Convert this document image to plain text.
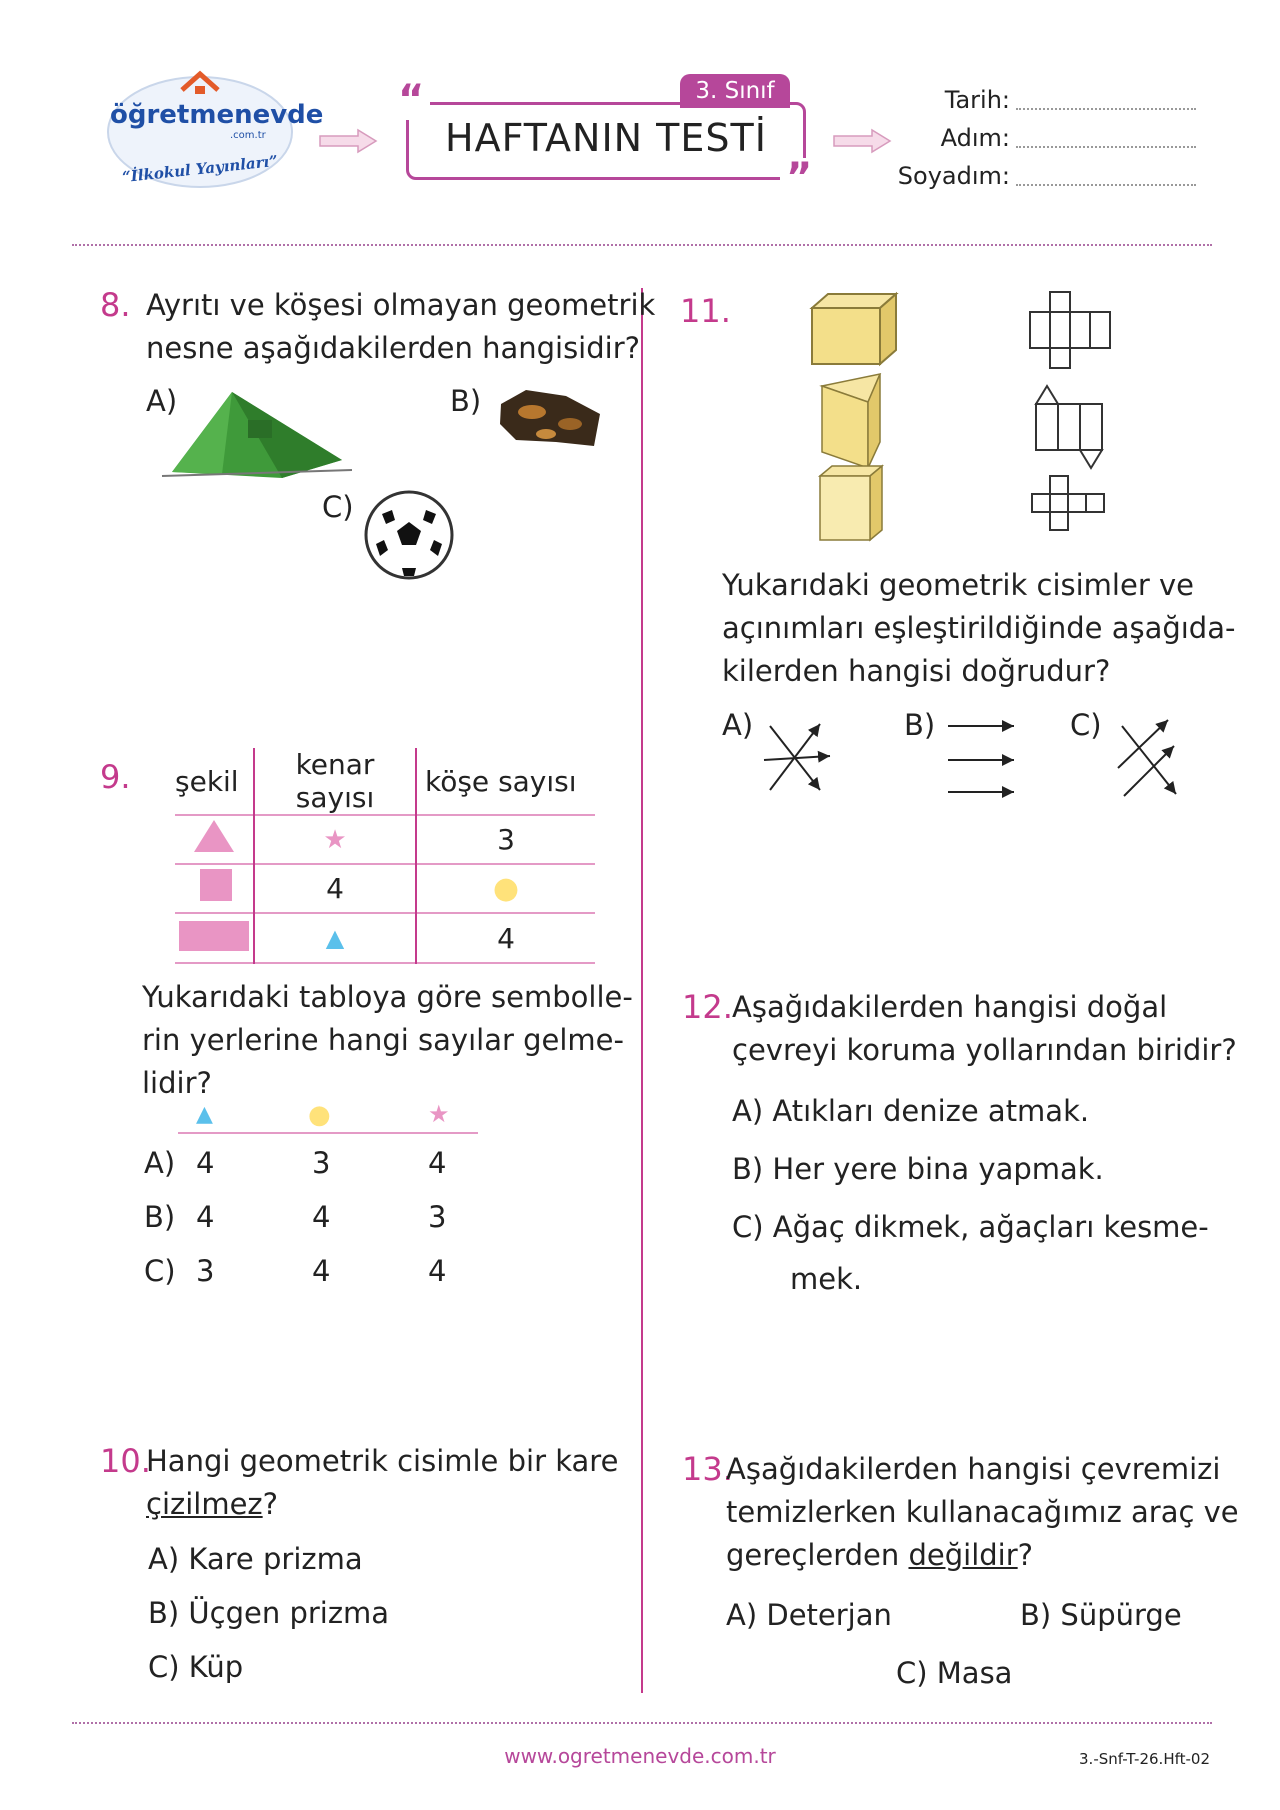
öğretmenevde
.com.tr
“İlkokul Yayınları”
“
”
3. Sınıf
HAFTANIN TESTİ
Tarih:
Adım:
Soyadım:
8. Ayrıtı ve köşesi olmayan geometrik
nesne aşağıdakilerden hangisidir?
A)	B)
C)
9. şekil	kenar sayısı	köşe sayısı
	★	3
	4	●
	▲	4
Yukarıdaki tabloya göre sembolle-
rin yerlerine hangi sayılar gelme-
lidir?
▲	●	★
A) 4	3	4
B) 4	4	3
C) 3	4	4
10.
Hangi geometrik cisimle bir kare
çizilmez?
A) Kare prizma
B) Üçgen prizma
C) Küp
11.
Yukarıdaki geometrik cisimler ve
açınımları eşleştirildiğinde aşağıda-
kilerden hangisi doğrudur?
A)	B)	C)
12. Aşağıdakilerden hangisi doğal
çevreyi koruma yollarından biridir?
A) Atıkları denize atmak.
B) Her yere bina yapmak.
C) Ağaç dikmek, ağaçları kesme-
mek.
13.
Aşağıdakilerden hangisi çevremizi
temizlerken kullanacağımız araç ve
gereçlerden değildir?
A) Deterjan	B) Süpürge
C) Masa
www.ogretmenevde.com.tr	3.-Snf-T-26.Hft-02
